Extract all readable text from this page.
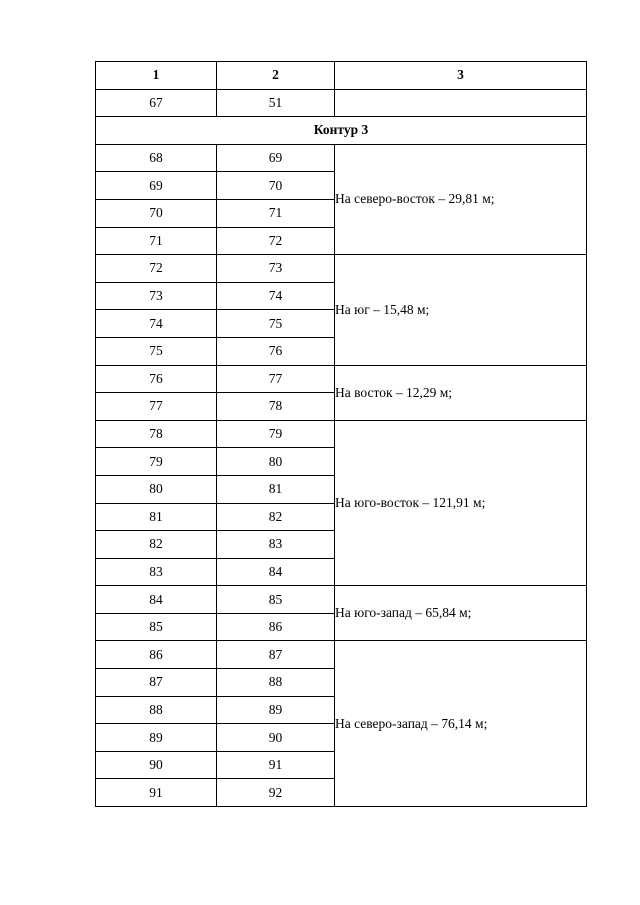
1	2	3
67	51	
Контур 3		
68	69	На северо-восток – 29,81 м;
69	70	
70	71	
71	72	
72	73	На юг – 15,48 м;
73	74	
74	75	
75	76	
76	77	На восток – 12,29 м;
77	78	
78	79	На юго-восток – 121,91 м;
79	80	
80	81	
81	82	
82	83	
83	84	
84	85	На юго-запад – 65,84 м;
85	86	
86	87	На северо-запад – 76,14 м;
87	88	
88	89	
89	90	
90	91	
91	92	
